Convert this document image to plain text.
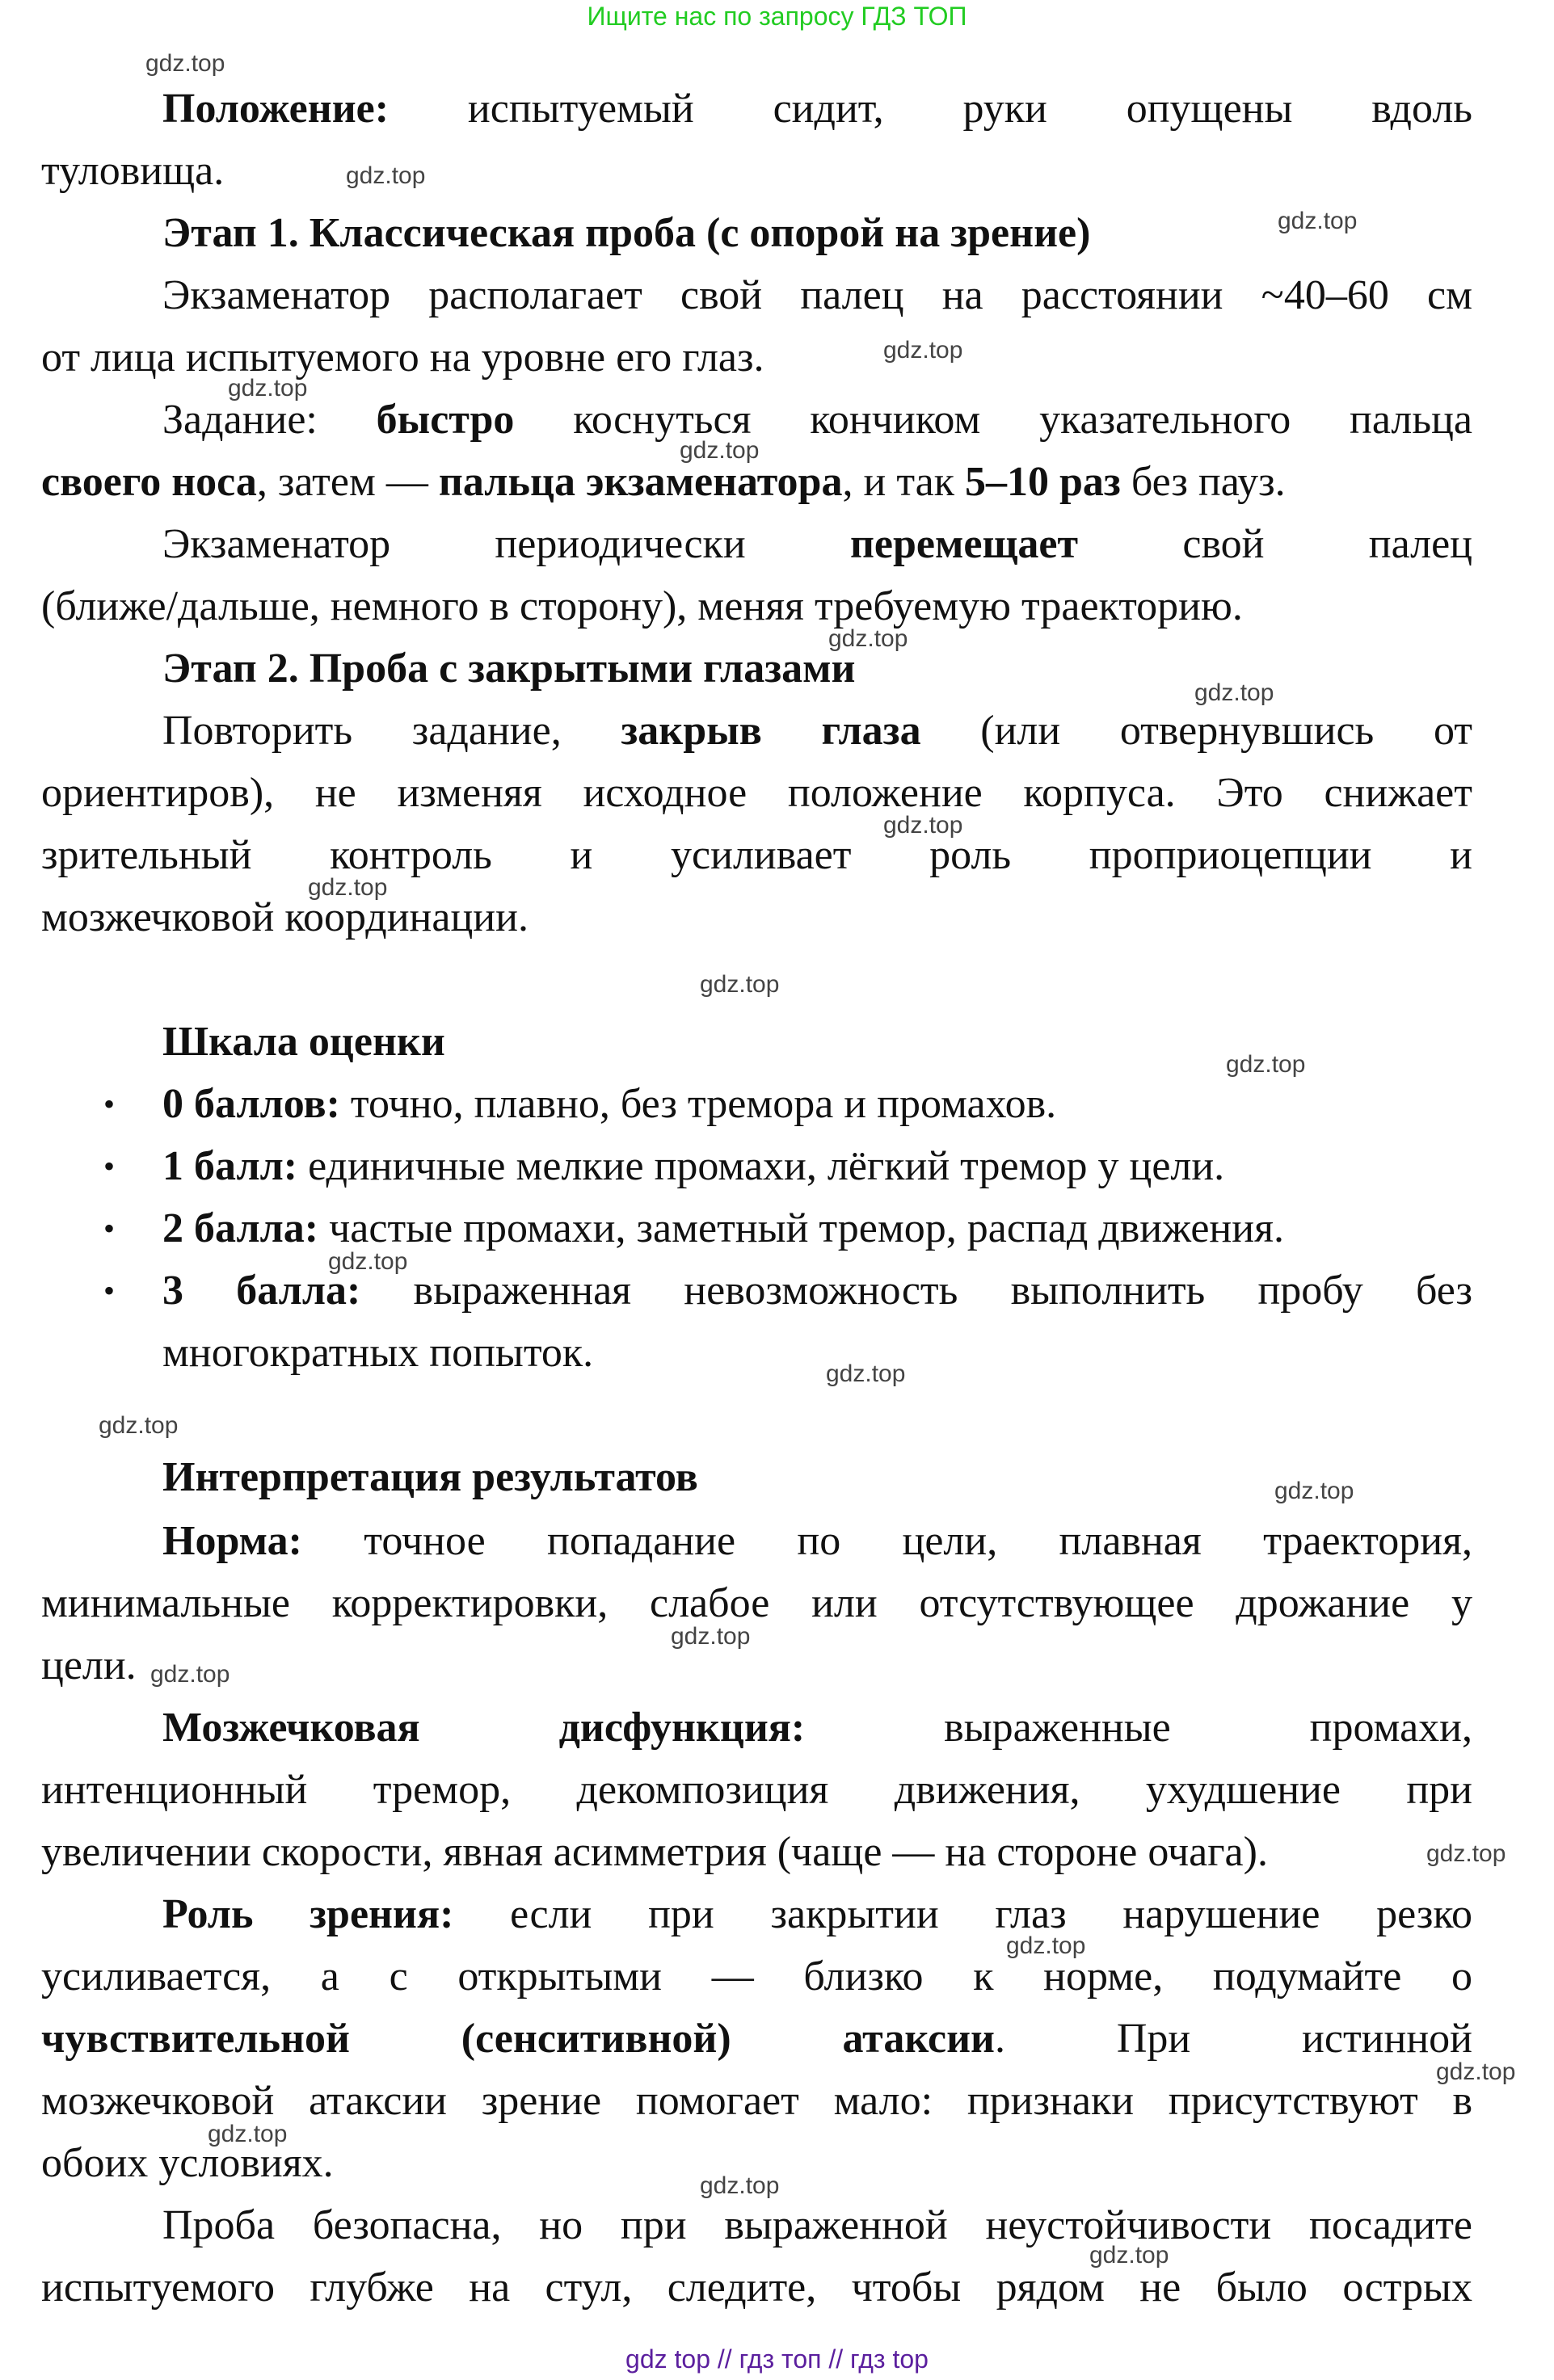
Ищите нас по запросу ГДЗ ТОП
Положение: испытуемый сидит, руки опущены вдоль
туловища.
Этап 1. Классическая проба (с опорой на зрение)
Экзаменатор располагает свой палец на расстоянии ~40–60 см
от лица испытуемого на уровне его глаз.
Задание: быстро коснуться кончиком указательного пальца
своего носа, затем — пальца экзаменатора, и так 5–10 раз без пауз.
Экзаменатор периодически перемещает свой палец
(ближе/дальше, немного в сторону), меняя требуемую траекторию.
Этап 2. Проба с закрытыми глазами
Повторить задание, закрыв глаза (или отвернувшись от
ориентиров), не изменяя исходное положение корпуса. Это снижает
зрительный контроль и усиливает роль проприоцепции и
мозжечковой координации.
Шкала оценки
• 0 баллов: точно, плавно, без тремора и промахов.
• 1 балл: единичные мелкие промахи, лёгкий тремор у цели.
• 2 балла: частые промахи, заметный тремор, распад движения.
• 3 балла: выраженная невозможность выполнить пробу без
многократных попыток.
Интерпретация результатов
Норма: точное попадание по цели, плавная траектория,
минимальные корректировки, слабое или отсутствующее дрожание у
цели.
Мозжечковая дисфункция: выраженные промахи,
интенционный тремор, декомпозиция движения, ухудшение при
увеличении скорости, явная асимметрия (чаще — на стороне очага).
Роль зрения: если при закрытии глаз нарушение резко
усиливается, а с открытыми — близко к норме, подумайте о
чувствительной (сенситивной) атаксии. При истинной
мозжечковой атаксии зрение помогает мало: признаки присутствуют в
обоих условиях.
Проба безопасна, но при выраженной неустойчивости посадите
испытуемого глубже на стул, следите, чтобы рядом не было острых
gdz.top
gdz.top
gdz.top
gdz.top
gdz.top
gdz.top
gdz.top
gdz.top
gdz.top
gdz.top
gdz.top
gdz.top
gdz.top
gdz.top
gdz.top
gdz.top
gdz.top
gdz.top
gdz.top
gdz.top
gdz.top
gdz.top
gdz.top
gdz.top
gdz top // гдз топ // гдз top
